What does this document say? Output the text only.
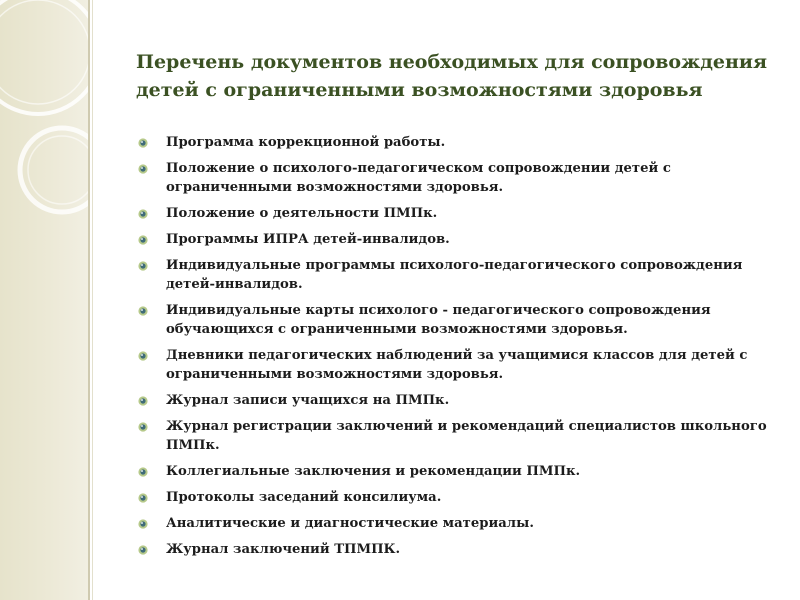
Перечень документов необходимых для сопровождения
детей с ограниченными возможностями здоровья
Программа коррекционной работы.
Положение о психолого-педагогическом сопровождении детей с ограниченными возможностями здоровья.
Положение о деятельности ПМПк.
Программы ИПРА детей-инвалидов.
Индивидуальные программы психолого-педагогического сопровождения детей-инвалидов.
Индивидуальные карты психолого - педагогического сопровождения обучающихся с ограниченными возможностями здоровья.
Дневники педагогических наблюдений за учащимися классов для детей с ограниченными возможностями здоровья.
Журнал записи учащихся на ПМПк.
Журнал регистрации заключений и рекомендаций специалистов школьного ПМПк.
Коллегиальные заключения и рекомендации ПМПк.
Протоколы заседаний консилиума.
Аналитические и диагностические материалы.
Журнал заключений ТПМПК.
